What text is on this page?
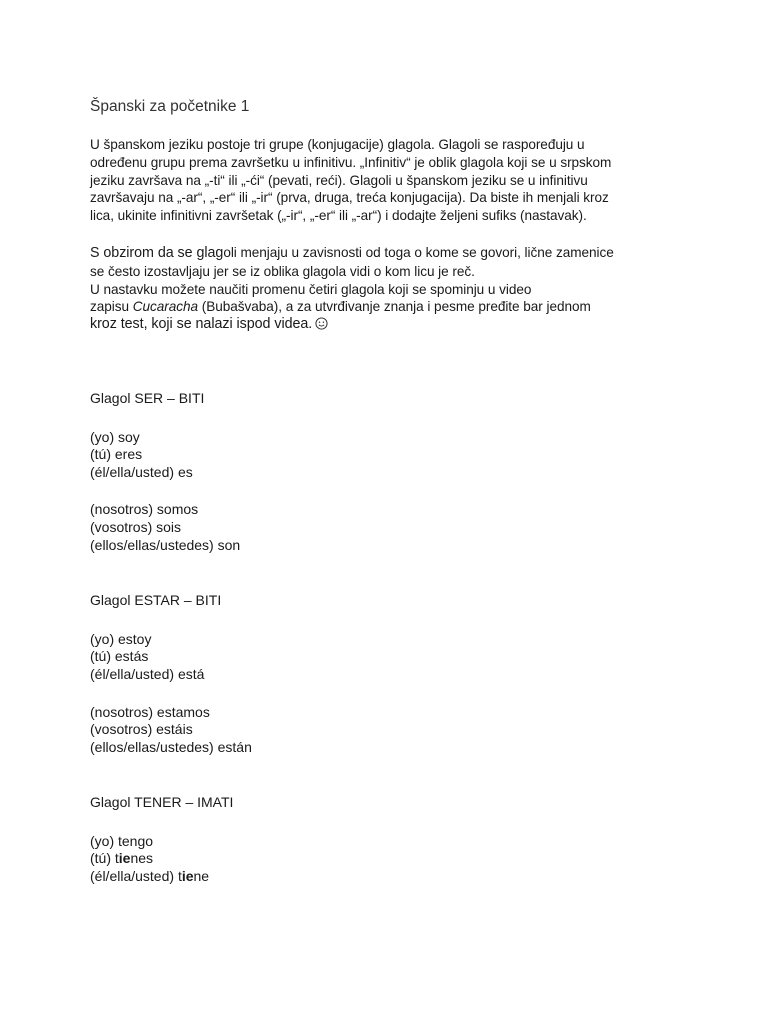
Španski za početnike 1
U španskom jeziku postoje tri grupe (konjugacije) glagola. Glagoli se raspoređuju u
određenu grupu prema završetku u infinitivu. „Infinitiv“ je oblik glagola koji se u srpskom
jeziku završava na „-ti“ ili „-ći“ (pevati, reći). Glagoli u španskom jeziku se u infinitivu
završavaju na „-ar“, „-er“ ili „-ir“ (prva, druga, treća konjugacija). Da biste ih menjali kroz
lica, ukinite infinitivni završetak („-ir“, „-er“ ili „-ar“) i dodajte željeni sufiks (nastavak).
S obzirom da se glagoli menjaju u zavisnosti od toga o kome se govori, lične zamenice
se često izostavljaju jer se iz oblika glagola vidi o kom licu je reč.
U nastavku možete naučiti promenu četiri glagola koji se spominju u video
zapisu Cucaracha (Bubašvaba), a za utvrđivanje znanja i pesme pređite bar jednom
kroz test, koji se nalazi ispod videa.
Glagol SER – BITI
(yo) soy
(tú) eres
(él/ella/usted) es
(nosotros) somos
(vosotros) sois
(ellos/ellas/ustedes) son
Glagol ESTAR – BITI
(yo) estoy
(tú) estás
(él/ella/usted) está
(nosotros) estamos
(vosotros) estáis
(ellos/ellas/ustedes) están
Glagol TENER – IMATI
(yo) tengo
(tú) tienes
(él/ella/usted) tiene
